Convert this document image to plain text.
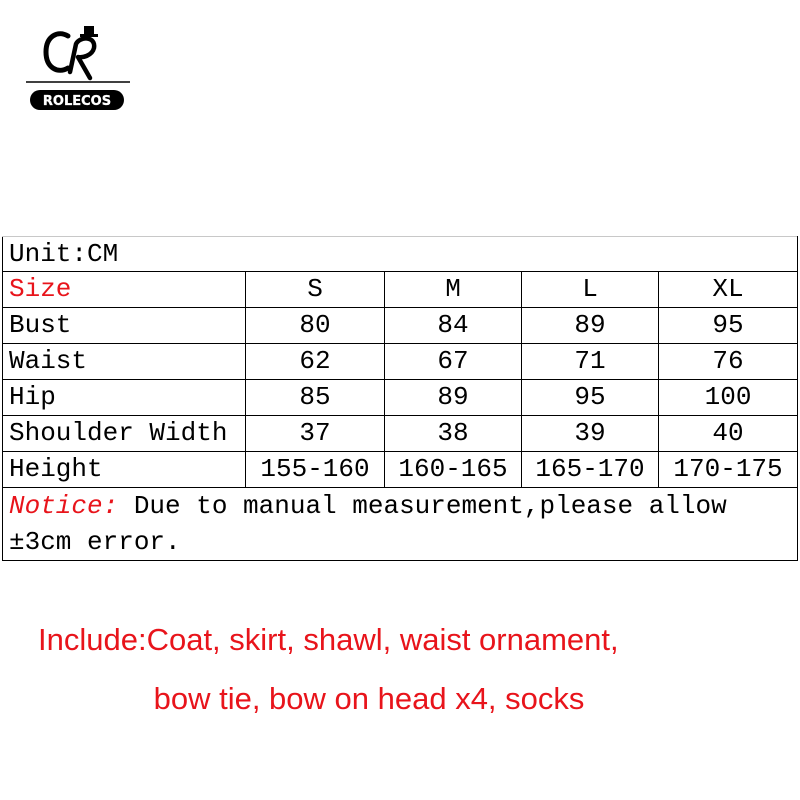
ROLECOS
Unit:CM				
Size	S	M	L	XL
Bust	80	84	89	95
Waist	62	67	71	76
Hip	85	89	95	100
Shoulder Width	37	38	39	40
Height	155-160	160-165	165-170	170-175
Notice: Due to manual measurement,please allow ±3cm error.				
Include:Coat, skirt, shawl, waist ornament,
bow tie, bow on head x4, socks
